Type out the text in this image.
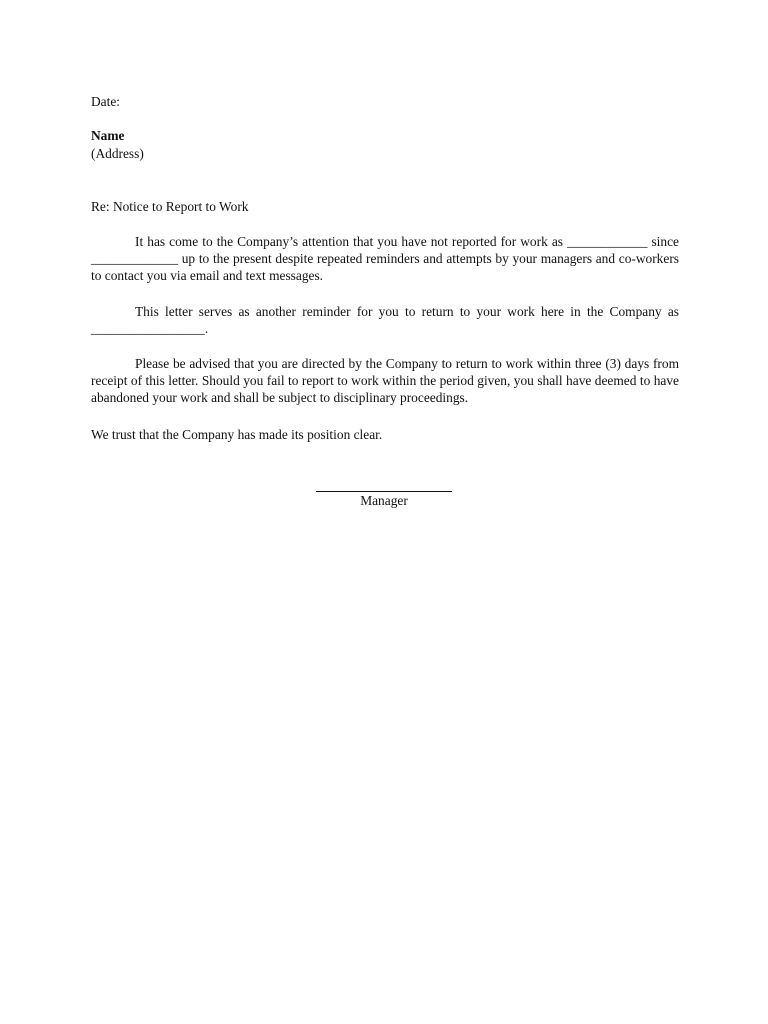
Date:
Name
(Address)
Re: Notice to Report to Work
It has come to the Company’s attention that you have not reported for work as ____________ since _____________ up to the present despite repeated reminders and attempts by your managers and co-workers to contact you via email and text messages.
This letter serves as another reminder for you to return to your work here in the Company as _________________.
Please be advised that you are directed by the Company to return to work within three (3) days from receipt of this letter. Should you fail to report to work within the period given, you shall have deemed to have abandoned your work and shall be subject to disciplinary proceedings.
We trust that the Company has made its position clear.
Manager
